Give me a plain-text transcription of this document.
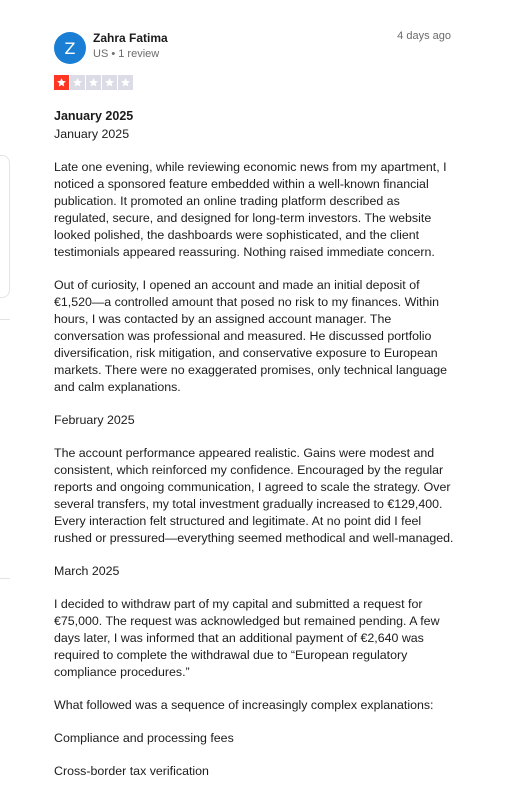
Z
Zahra Fatima
US • 1 review
4 days ago
January 2025

January 2025

Late one evening, while reviewing economic news from my apartment, I noticed a sponsored feature embedded within a well-known financial publication. It promoted an online trading platform described as regulated, secure, and designed for long-term investors. The website looked polished, the dashboards were sophisticated, and the client testimonials appeared reassuring. Nothing raised immediate concern.

Out of curiosity, I opened an account and made an initial deposit of €1,520—a controlled amount that posed no risk to my finances. Within hours, I was contacted by an assigned account manager. The conversation was professional and measured. He discussed portfolio diversification, risk mitigation, and conservative exposure to European markets. There were no exaggerated promises, only technical language and calm explanations.

February 2025

The account performance appeared realistic. Gains were modest and consistent, which reinforced my confidence. Encouraged by the regular reports and ongoing communication, I agreed to scale the strategy. Over several transfers, my total investment gradually increased to €129,400. Every interaction felt structured and legitimate. At no point did I feel rushed or pressured—everything seemed methodical and well-managed.

March 2025

I decided to withdraw part of my capital and submitted a request for €75,000. The request was acknowledged but remained pending. A few days later, I was informed that an additional payment of €2,640 was required to complete the withdrawal due to “European regulatory compliance procedures.”

What followed was a sequence of increasingly complex explanations:

Compliance and processing fees

Cross-border tax verification
